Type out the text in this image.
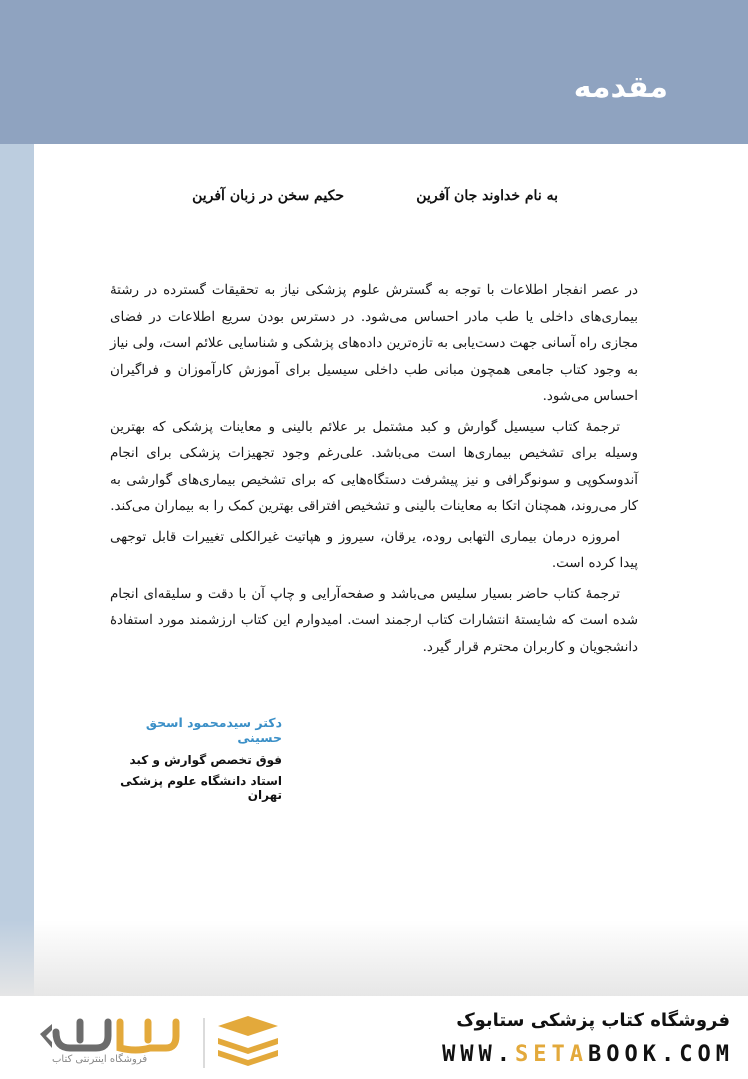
مقدمه
به نام خداوند جان آفرین
حکیم سخن در زبان آفرین

در عصر انفجار اطلاعات با توجه به گسترش علوم پزشکی نیاز به تحقیقات گسترده در رشتهٔ بیماری‌های داخلی یا طب مادر احساس می‌شود. در دسترس بودن سریع اطلاعات در فضای مجازی راه آسانی جهت دست‌یابی به تازه‌ترین داده‌های پزشکی و شناسایی علائم است، ولی نیاز به وجود کتاب جامعی همچون مبانی طب داخلی سیسیل برای آموزش کارآموزان و فراگیران احساس می‌شود.

ترجمهٔ کتاب سیسیل گوارش و کبد مشتمل بر علائم بالینی و معاینات پزشکی که بهترین وسیله برای تشخیص بیماری‌ها است می‌باشد. علی‌رغم وجود تجهیزات پزشکی برای انجام آندوسکوپی و سونوگرافی و نیز پیشرفت دستگاه‌هایی که برای تشخیص بیماری‌های گوارشی به کار می‌روند، همچنان اتکا به معاینات بالینی و تشخیص افتراقی بهترین کمک را به بیماران می‌کند.

امروزه درمان بیماری التهابی روده، یرقان، سیروز و هپاتیت غیرالکلی تغییرات قابل توجهی پیدا کرده است.

ترجمهٔ کتاب حاضر بسیار سلیس می‌باشد و صفحه‌آرایی و چاپ آن با دقت و سلیقه‌ای انجام شده است که شایستهٔ انتشارات کتاب ارجمند است. امیدوارم این کتاب ارزشمند مورد استفادهٔ دانشجویان و کاربران محترم قرار گیرد.

دکتر سیدمحمود اسحق حسینی
فوق تخصص گوارش و کبد
استاد دانشگاه علوم پزشکی تهران
فروشگاه کتاب پزشکی ستابوک
WWW.SETABOOK.COM
فروشگاه اینترنتی کتاب
